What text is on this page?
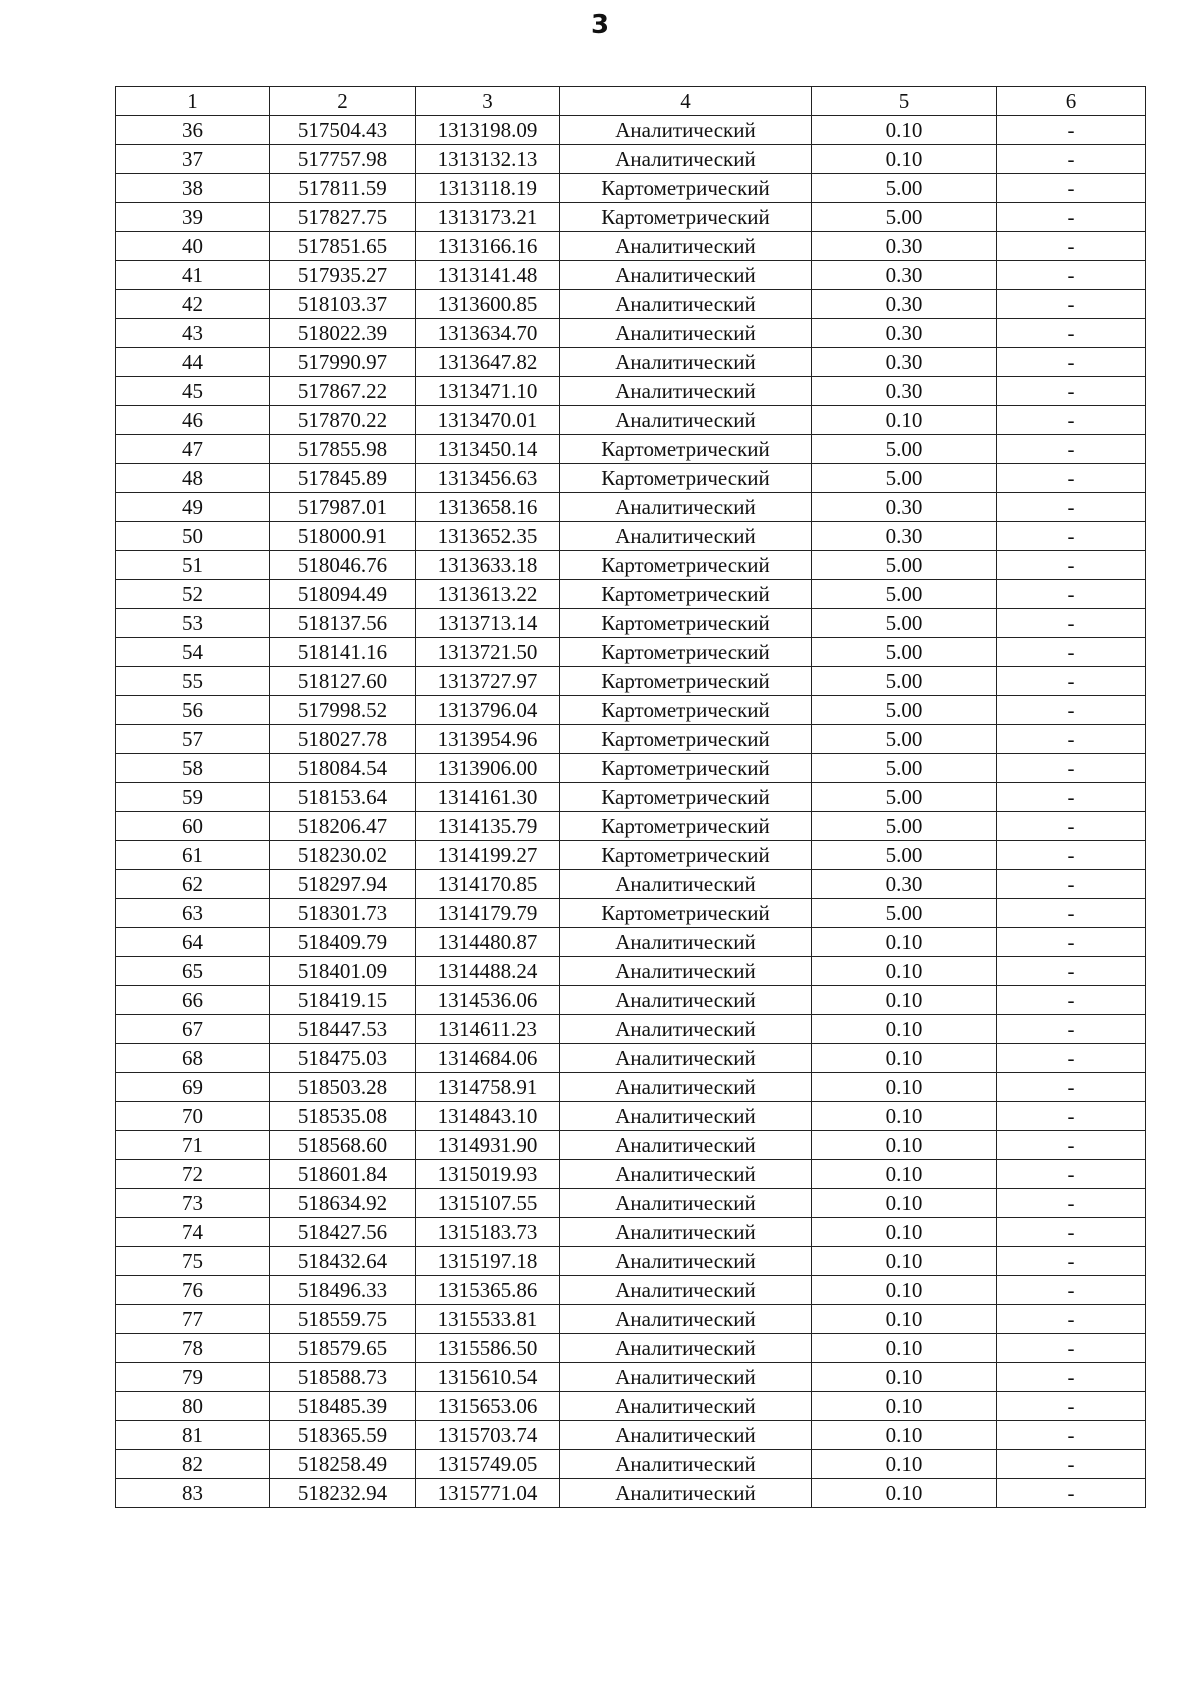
3
1	2	3	4	5	6
36	517504.43	1313198.09	Аналитический	0.10	-
37	517757.98	1313132.13	Аналитический	0.10	-
38	517811.59	1313118.19	Картометрический	5.00	-
39	517827.75	1313173.21	Картометрический	5.00	-
40	517851.65	1313166.16	Аналитический	0.30	-
41	517935.27	1313141.48	Аналитический	0.30	-
42	518103.37	1313600.85	Аналитический	0.30	-
43	518022.39	1313634.70	Аналитический	0.30	-
44	517990.97	1313647.82	Аналитический	0.30	-
45	517867.22	1313471.10	Аналитический	0.30	-
46	517870.22	1313470.01	Аналитический	0.10	-
47	517855.98	1313450.14	Картометрический	5.00	-
48	517845.89	1313456.63	Картометрический	5.00	-
49	517987.01	1313658.16	Аналитический	0.30	-
50	518000.91	1313652.35	Аналитический	0.30	-
51	518046.76	1313633.18	Картометрический	5.00	-
52	518094.49	1313613.22	Картометрический	5.00	-
53	518137.56	1313713.14	Картометрический	5.00	-
54	518141.16	1313721.50	Картометрический	5.00	-
55	518127.60	1313727.97	Картометрический	5.00	-
56	517998.52	1313796.04	Картометрический	5.00	-
57	518027.78	1313954.96	Картометрический	5.00	-
58	518084.54	1313906.00	Картометрический	5.00	-
59	518153.64	1314161.30	Картометрический	5.00	-
60	518206.47	1314135.79	Картометрический	5.00	-
61	518230.02	1314199.27	Картометрический	5.00	-
62	518297.94	1314170.85	Аналитический	0.30	-
63	518301.73	1314179.79	Картометрический	5.00	-
64	518409.79	1314480.87	Аналитический	0.10	-
65	518401.09	1314488.24	Аналитический	0.10	-
66	518419.15	1314536.06	Аналитический	0.10	-
67	518447.53	1314611.23	Аналитический	0.10	-
68	518475.03	1314684.06	Аналитический	0.10	-
69	518503.28	1314758.91	Аналитический	0.10	-
70	518535.08	1314843.10	Аналитический	0.10	-
71	518568.60	1314931.90	Аналитический	0.10	-
72	518601.84	1315019.93	Аналитический	0.10	-
73	518634.92	1315107.55	Аналитический	0.10	-
74	518427.56	1315183.73	Аналитический	0.10	-
75	518432.64	1315197.18	Аналитический	0.10	-
76	518496.33	1315365.86	Аналитический	0.10	-
77	518559.75	1315533.81	Аналитический	0.10	-
78	518579.65	1315586.50	Аналитический	0.10	-
79	518588.73	1315610.54	Аналитический	0.10	-
80	518485.39	1315653.06	Аналитический	0.10	-
81	518365.59	1315703.74	Аналитический	0.10	-
82	518258.49	1315749.05	Аналитический	0.10	-
83	518232.94	1315771.04	Аналитический	0.10	-
